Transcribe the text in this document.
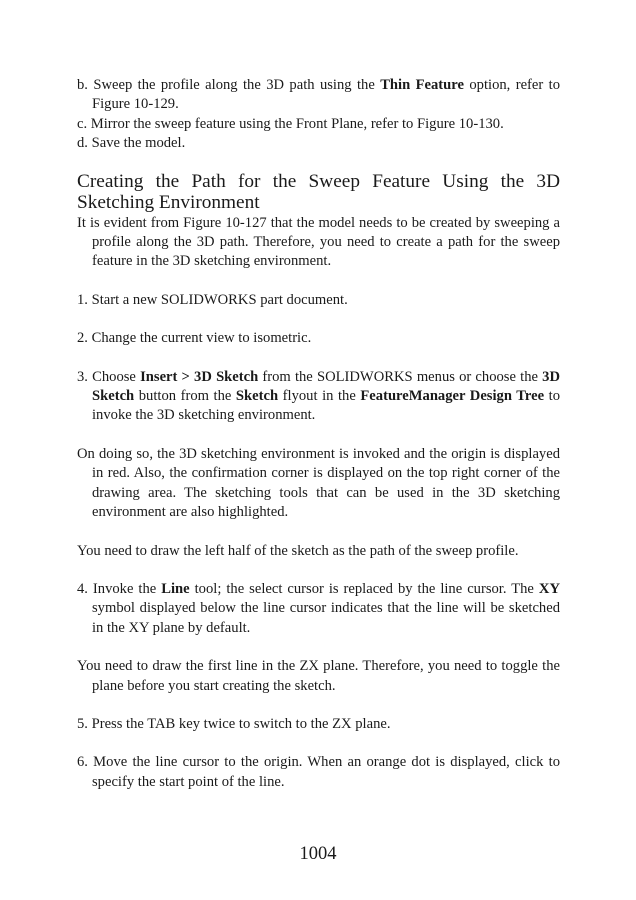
b. Sweep the profile along the 3D path using the Thin Feature option, refer to Figure 10-129.

c. Mirror the sweep feature using the Front Plane, refer to Figure 10-130.

d. Save the model.

Creating the Path for the Sweep Feature Using the 3D Sketching Environment

It is evident from Figure 10-127 that the model needs to be created by sweeping a profile along the 3D path. Therefore, you need to create a path for the sweep feature in the 3D sketching environment.

1. Start a new SOLIDWORKS part document.

2. Change the current view to isometric.

3. Choose Insert > 3D Sketch from the SOLIDWORKS menus or choose the 3D Sketch button from the Sketch flyout in the FeatureManager Design Tree to invoke the 3D sketching environment.

On doing so, the 3D sketching environment is invoked and the origin is displayed in red. Also, the confirmation corner is displayed on the top right corner of the drawing area. The sketching tools that can be used in the 3D sketching environment are also highlighted.

You need to draw the left half of the sketch as the path of the sweep profile.

4. Invoke the Line tool; the select cursor is replaced by the line cursor. The XY symbol displayed below the line cursor indicates that the line will be sketched in the XY plane by default.

You need to draw the first line in the ZX plane. Therefore, you need to toggle the plane before you start creating the sketch.

5. Press the TAB key twice to switch to the ZX plane.

6. Move the line cursor to the origin. When an orange dot is displayed, click to specify the start point of the line.

1004
